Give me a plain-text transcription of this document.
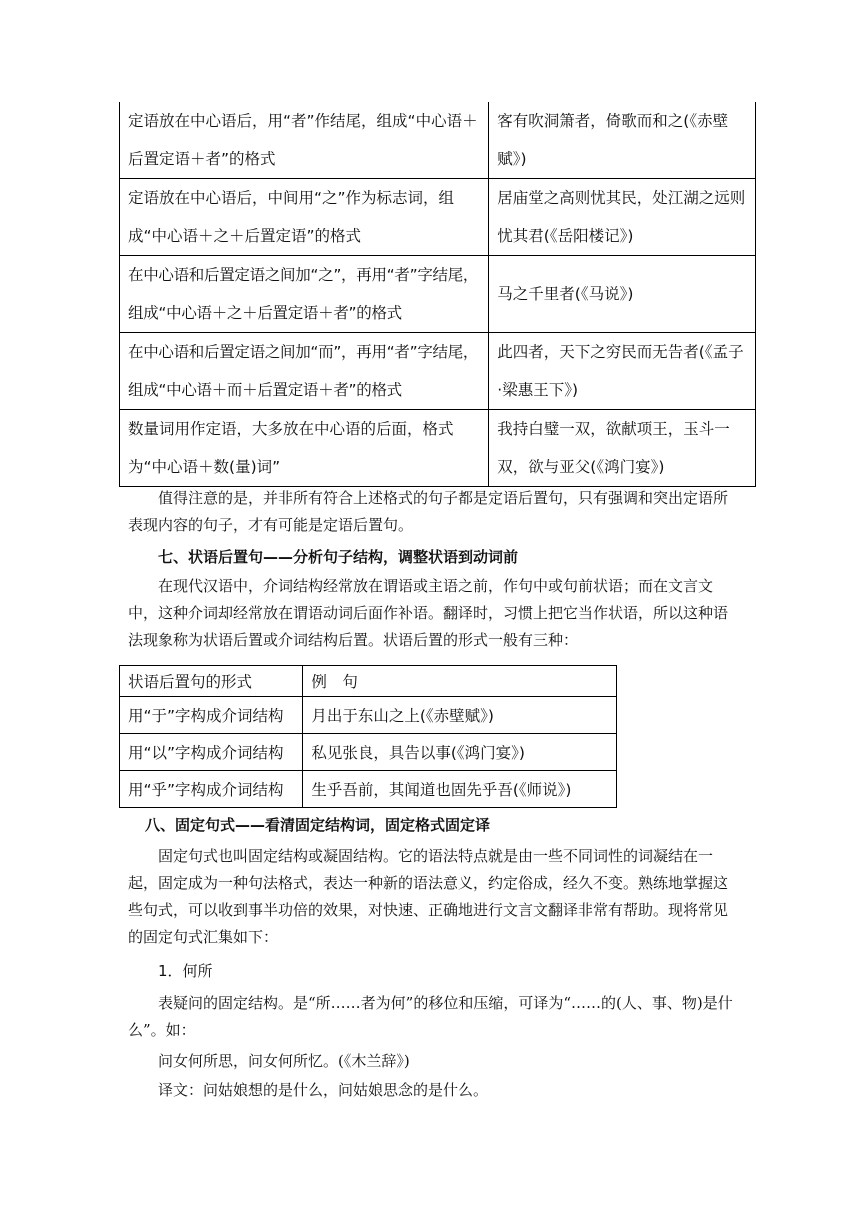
定语放在中心语后，用“者”作结尾，组成“中心语＋后置定语＋者”的格式	客有吹洞箫者，倚歌而和之(《赤壁赋》)
定语放在中心语后，中间用“之”作为标志词，组成“中心语＋之＋后置定语”的格式	居庙堂之高则忧其民，处江湖之远则忧其君(《岳阳楼记》)
在中心语和后置定语之间加“之”，再用“者”字结尾，组成“中心语＋之＋后置定语＋者”的格式	马之千里者(《马说》)
在中心语和后置定语之间加“而”，再用“者”字结尾，组成“中心语＋而＋后置定语＋者”的格式	此四者，天下之穷民而无告者(《孟子·梁惠王下》)
数量词用作定语，大多放在中心语的后面，格式为“中心语＋数(量)词”	我持白璧一双，欲献项王，玉斗一双，欲与亚父(《鸿门宴》)
值得注意的是，并非所有符合上述格式的句子都是定语后置句，只有强调和突出定语所表现内容的句子，才有可能是定语后置句。
七、状语后置句——分析句子结构，调整状语到动词前
在现代汉语中，介词结构经常放在谓语或主语之前，作句中或句前状语；而在文言文中，这种介词却经常放在谓语动词后面作补语。翻译时，习惯上把它当作状语，所以这种语法现象称为状语后置或介词结构后置。状语后置的形式一般有三种：
状语后置句的形式	例　句
用“于”字构成介词结构	月出于东山之上(《赤壁赋》)
用“以”字构成介词结构	私见张良，具告以事(《鸿门宴》)
用“乎”字构成介词结构	生乎吾前，其闻道也固先乎吾(《师说》)
八、固定句式——看清固定结构词，固定格式固定译
固定句式也叫固定结构或凝固结构。它的语法特点就是由一些不同词性的词凝结在一起，固定成为一种句法格式，表达一种新的语法意义，约定俗成，经久不变。熟练地掌握这些句式，可以收到事半功倍的效果，对快速、正确地进行文言文翻译非常有帮助。现将常见的固定句式汇集如下：
1．何所
表疑问的固定结构。是“所……者为何”的移位和压缩，可译为“……的(人、事、物)是什么”。如：
问女何所思，问女何所忆。(《木兰辞》)
译文：问姑娘想的是什么，问姑娘思念的是什么。
